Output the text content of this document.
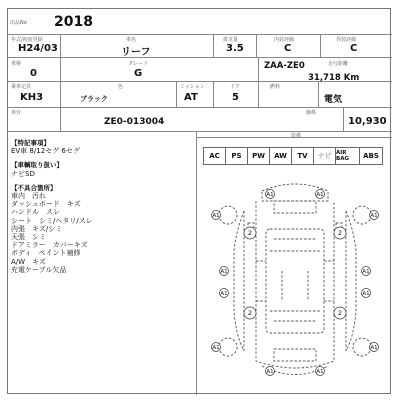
出品No 2018
年式/初度登録
H24/03
車名
リーフ
排気量
3.5
内装評価
C
外装評価
C
車検
0
グレード
G
ZAA-ZE0	走行距離
31,718 Km
乗車定員
KH3
色
ブラック
ミッション
AT
ドア
5
燃料
電気
車台
ZE0-013004
価格
10,930
【特記事項】
EV車 8/12セグ 6セグ
【車輌取り扱い】
ナビSD
【不具合箇所】
車内　汚れ
ダッシュボード　キズ
ハンドル　スレ
シート　シミ/ヘタリ/スレ
内張　キズ/シミ
天張　シミ
ドアミラー　カバーキズ
ボディ　ペイント補修
A/W　キズ
充電ケーブル欠品
装備
AC	PS	PW	AW	TV	ナビ AIR BAG	ABS
A1	A1
A1	A1
2	2
A1	A1
A1	A1
2	2
A1	A1
A1	A1
